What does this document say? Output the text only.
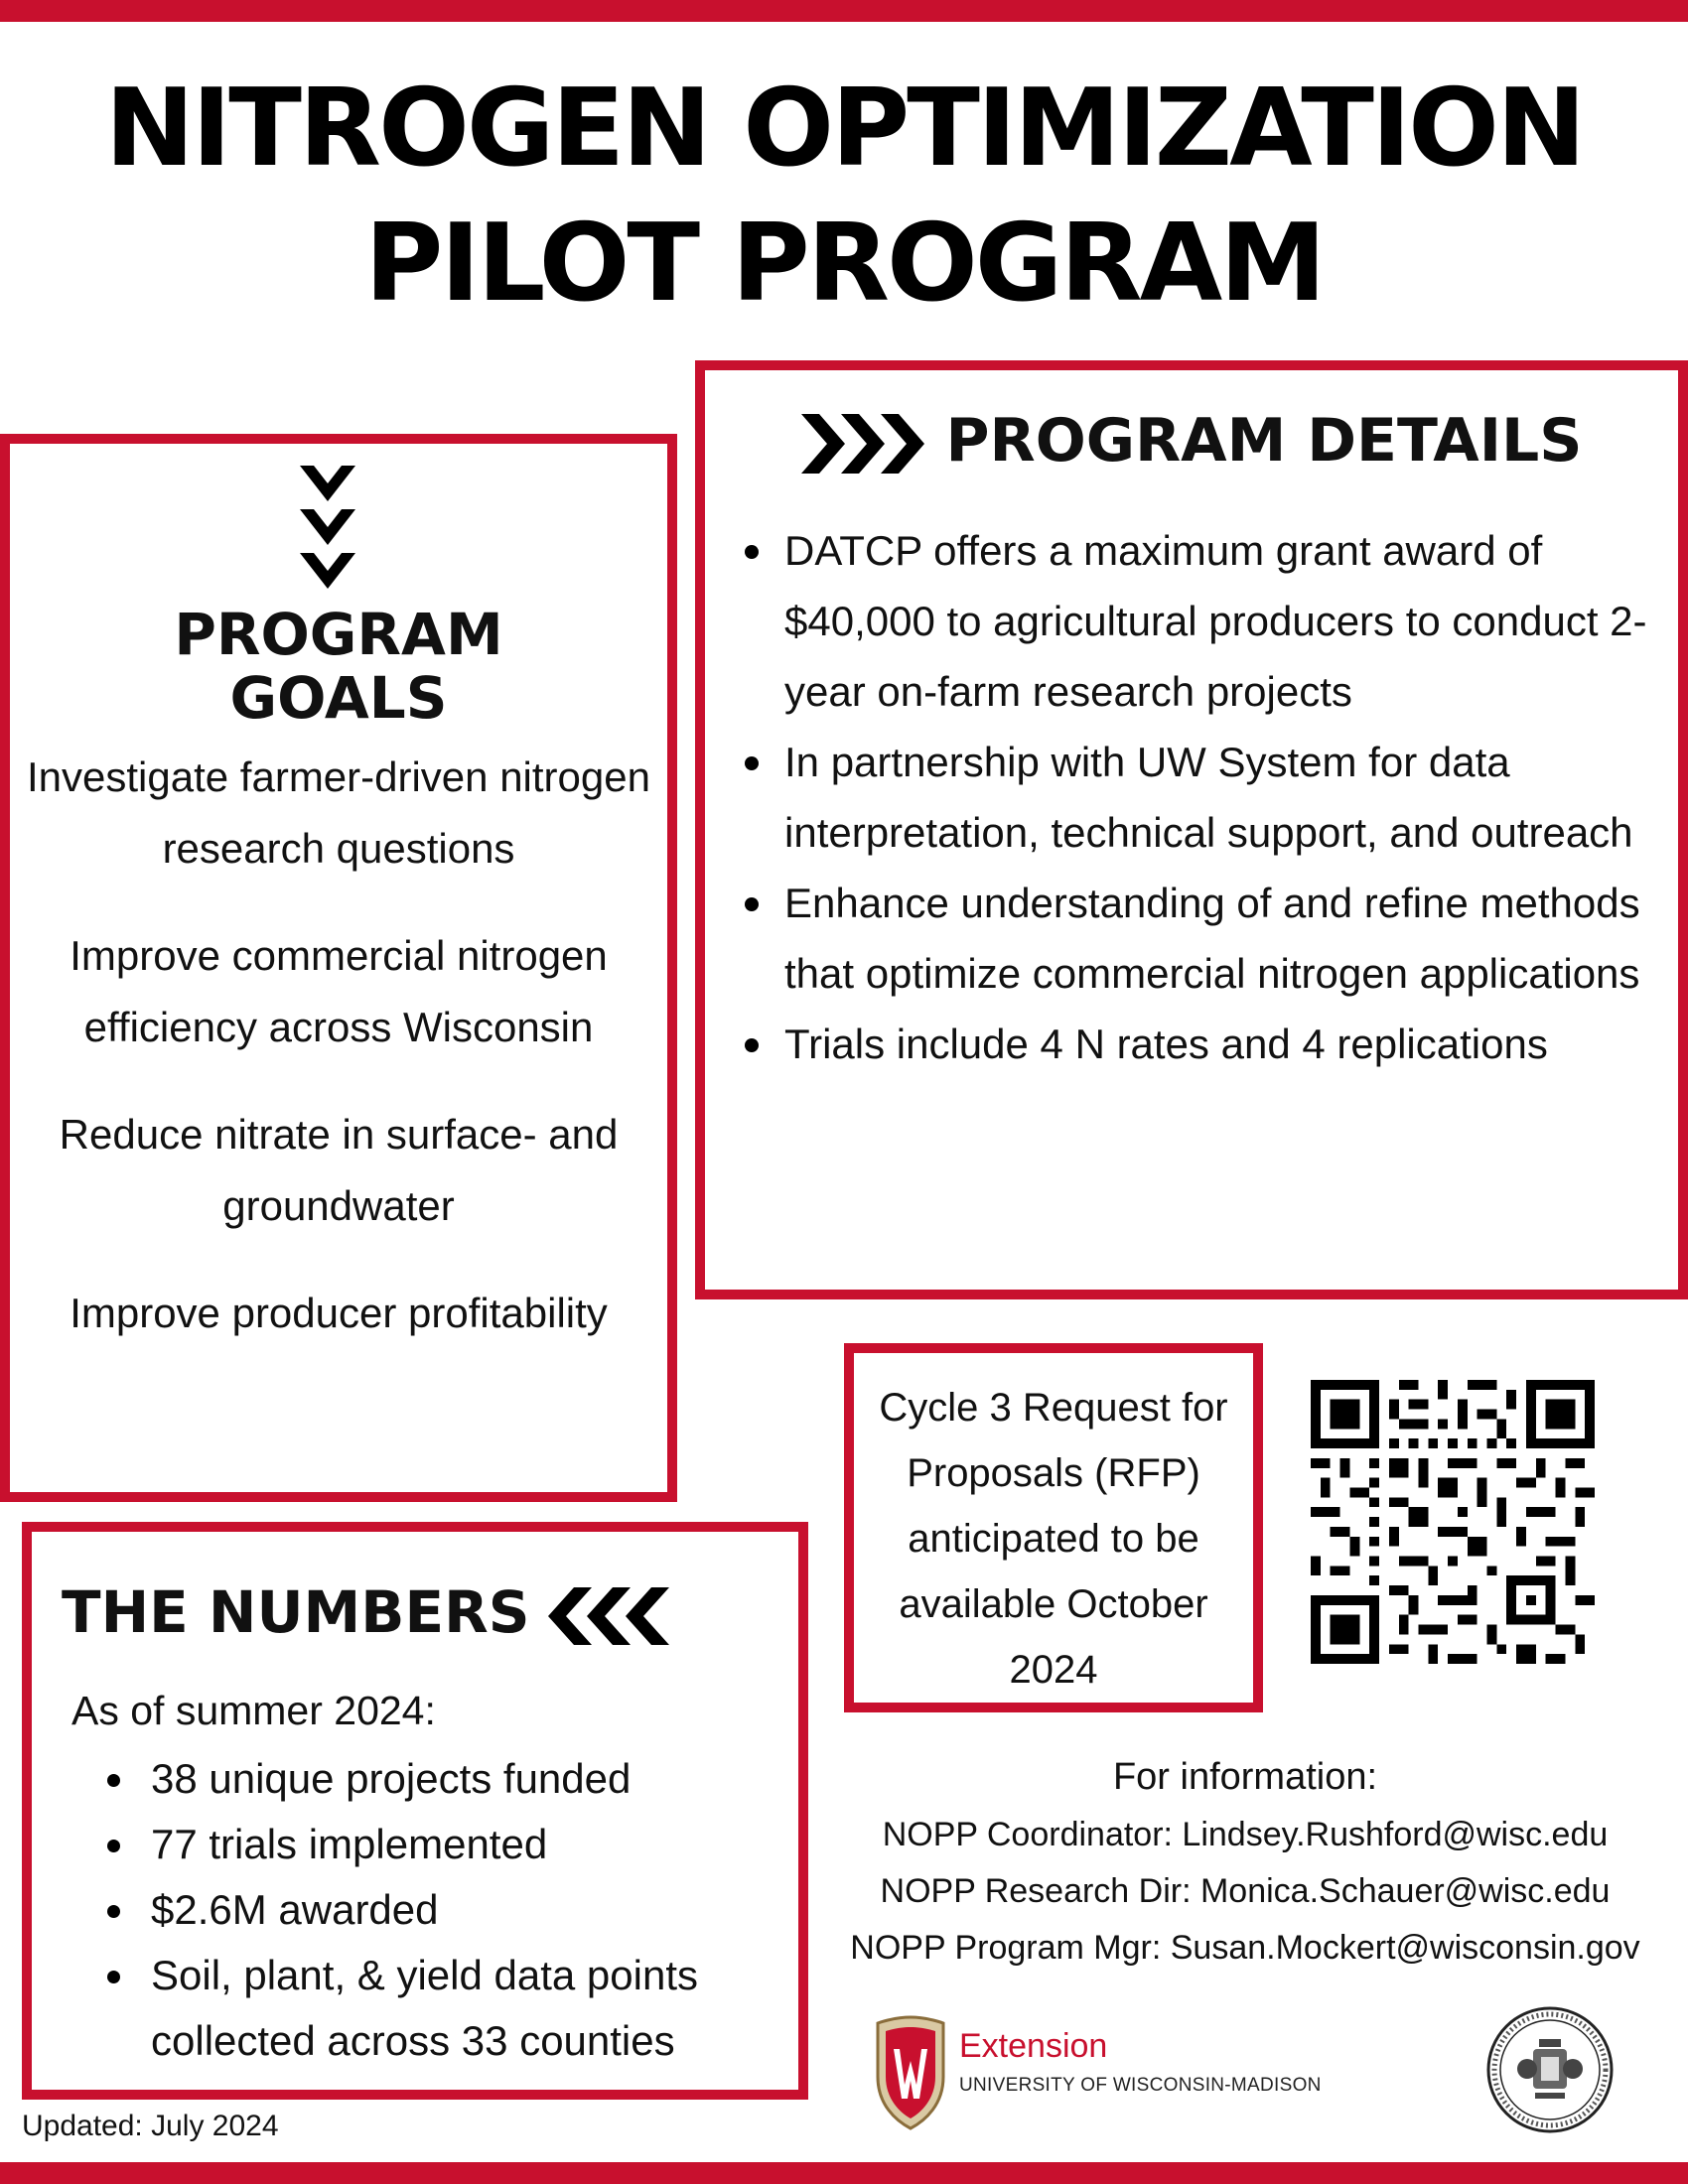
NITROGEN OPTIMIZATION
PILOT PROGRAM
PROGRAM
GOALS

Investigate farmer-driven nitrogen research questions

Improve commercial nitrogen efficiency across Wisconsin

Reduce nitrate in surface- and groundwater

Improve producer profitability

PROGRAM DETAILS
DATCP offers a maximum grant award of $40,000 to agricultural producers to conduct 2-year on-farm research projects
In partnership with UW System for data interpretation, technical support, and outreach
Enhance understanding of and refine methods that optimize commercial nitrogen applications
Trials include 4 N rates and 4 replications
THE NUMBERS
As of summer 2024:
38 unique projects funded
77 trials implemented
$2.6M awarded
Soil, plant, & yield data points collected across 33 counties
Cycle 3 Request for Proposals (RFP) anticipated to be available October 2024
For information:
NOPP Coordinator: Lindsey.Rushford@wisc.edu
NOPP Research Dir: Monica.Schauer@wisc.edu
NOPP Program Mgr: Susan.Mockert@wisconsin.gov
Extension
UNIVERSITY OF WISCONSIN-MADISON
Updated: July 2024
